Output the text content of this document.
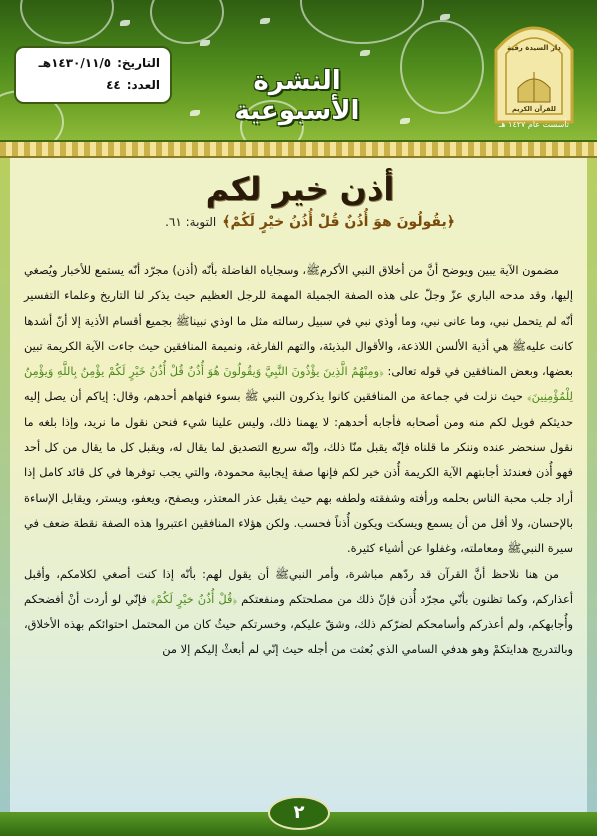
التاريخ:١٤٣٠/١١/٥هـ
العدد:٤٤	النشرة الأسبوعية
دار السيدة رقية
للقرآن الكريم
تأسست عام ١٤٢٧ هـ
أذن خير لكم
﴿يقُولُونَ هوَ أُذُنٌ قُلْ أُذُنُ خيْرٍ لَكُمْ﴾التوبة: ٦١.

مضمون الآية يبين ويوضح أنَّ من أخلاق النبي الأكرمﷺ، وسجاياه الفاضلة بأنّه (أذن) مجرّد أنّه يستمع للأخبار ويُصغي إليها، وقد مدحه الباري عزّ وجلّ على هذه الصفة الجميلة المهمة للرجل العظيم حيث يذكر لنا التاريخ وعلماء التفسير أنّه لم يتحمل نبي، وما عانى نبي، وما أوذي نبي في سبيل رسالته مثل ما اوذي نبيناﷺ بجميع أقسام الأذية إلا أنّ أشدها كانت عليهﷺ هي أذية الألسن اللاذعة، والأقوال البذيئة، والتهم الفارغة، ونميمة المنافقين حيث جاءت الآية الكريمة تبين بعضها، وبعض المنافقين في قوله تعالى: ﴿ومِنْهُمُ الَّذِينَ يؤْذُونَ النَّبِيَّ وَيقُولُونَ هُوَ أُذُنٌ قُلْ أُذُنُ خَيْرٍ لَكُمْ يؤْمِنُ بِاللَّهِ وَيؤْمِنُ لِلْمُؤْمِنِينَ﴾ حيث نزلت في جماعة من المنافقين كانوا يذكرون النبي ﷺ بسوء فنهاهم أحدهم، وقال: إياكم أن يصل إليه حديثكم فويل لكم منه ومن أصحابه فأجابه أحدهم: لا يهمنا ذلك، وليس علينا شيء فنحن نقول ما نريد، وإذا بلغه ما نقول سنحضر عنده وننكر ما قلناه فإنّه يقبل منّا ذلك، وإنّه سريع التصديق لما يقال له، ويقبل كل ما يقال من كل أحد فهو أُذن فعندئذ أجابتهم الآية الكريمة أُذن خير لكم فإنها صفة إيجابية محمودة، والتي يجب توفرها في كل قائد كامل إذا أراد جلب محبة الناس بحلمه ورأفته وشفقته ولطفه بهم حيث يقبل عذر المعتذر، ويصفح، ويعفو، ويستر، ويقابل الإساءة بالإحسان، ولا أقل من أن يسمع ويسكت ويكون أُذناً فحسب. ولكن هؤلاء المنافقين اعتبروا هذه الصفة نقطة ضعف في سيرة النبيﷺ ومعاملته، وغفلوا عن أشياء كثيرة.

من هنا نلاحظ أنَّ القرآن قد ردّهم مباشرة، وأمر النبيﷺ أن يقول لهم: بأنّه إذا كنت أصغي لكلامكم، وأقبل أعذاركم، وكما تظنون بأنّي مجرّد أُذن فإنّ ذلك من مصلحتكم ومنفعتكم ﴿قُلْ أُذُنُ خيْرٍ لَكُمْ﴾ فإنّي لو أردت أنْ أفضحكم وأُجابهكم، ولم أعذركم وأسامحكم لضرّكم ذلك، وشقّ عليكم، وخسرتكم حيثُ كان من المحتمل احتوائكم بهذه الأخلاق، وبالتدريج هدايتكمْ وهو هدفي السامي الذي بُعثت من أجله حيث إنّي لم أبعثْ إليكم إلا من

٢
